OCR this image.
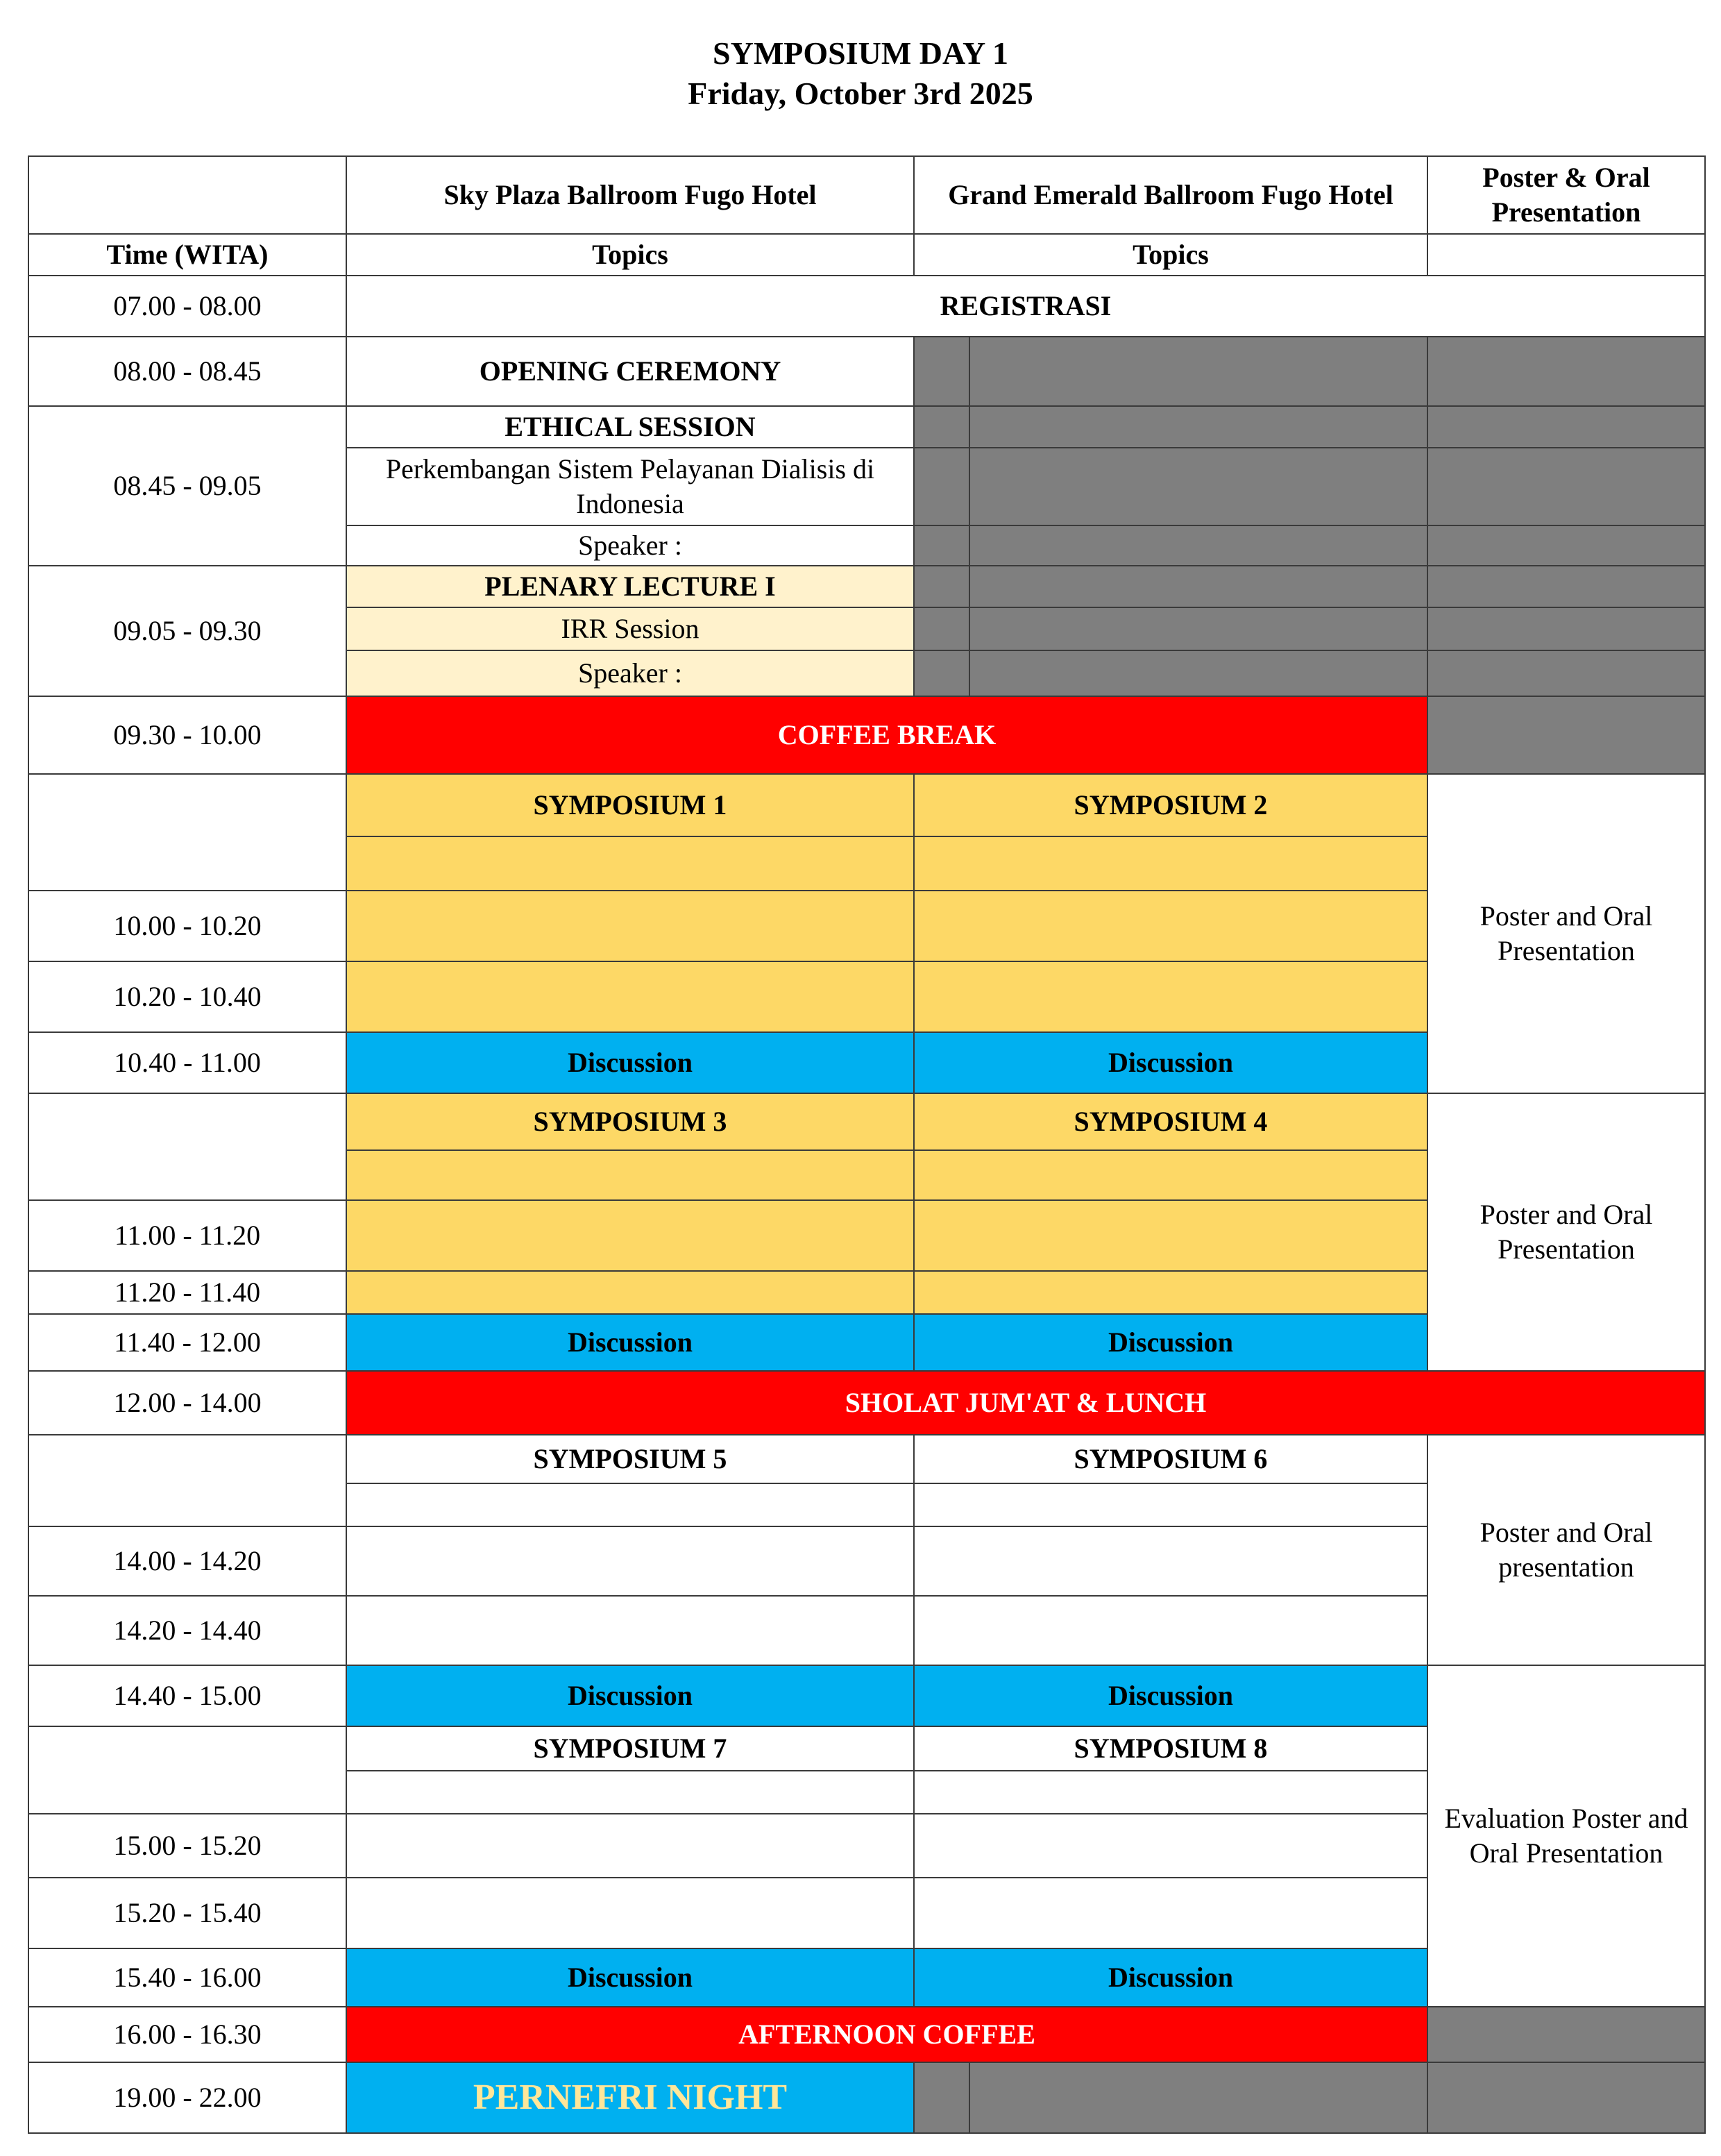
SYMPOSIUM DAY 1
Friday, October 3rd 2025
	Sky Plaza Ballroom Fugo Hotel	Grand Emerald Ballroom Fugo Hotel		Poster & Oral Presentation
Time (WITA)	Topics	Topics		
07.00 - 08.00	REGISTRASI			
08.00 - 08.45	OPENING CEREMONY			
08.45 - 09.05	ETHICAL SESSION			
	Perkembangan Sistem Pelayanan Dialisis di Indonesia			
	Speaker :			
09.05 - 09.30	PLENARY LECTURE I			
	IRR Session			
	Speaker :			
09.30 - 10.00	COFFEE BREAK			
	SYMPOSIUM 1	SYMPOSIUM 2		Poster and Oral Presentation

10.00 - 10.20				
10.20 - 10.40				
10.40 - 11.00	Discussion	Discussion		
	SYMPOSIUM 3	SYMPOSIUM 4		Poster and Oral Presentation

11.00 - 11.20				
11.20 - 11.40				
11.40 - 12.00	Discussion	Discussion		
12.00 - 14.00	SHOLAT JUM'AT & LUNCH			
	SYMPOSIUM 5	SYMPOSIUM 6		Poster and Oral presentation

14.00 - 14.20				
14.20 - 14.40				
14.40 - 15.00	Discussion	Discussion		Evaluation Poster and Oral Presentation
	SYMPOSIUM 7	SYMPOSIUM 8		

15.00 - 15.20				
15.20 - 15.40				
15.40 - 16.00	Discussion	Discussion		
16.00 - 16.30	AFTERNOON COFFEE			
19.00 - 22.00	PERNEFRI NIGHT			
